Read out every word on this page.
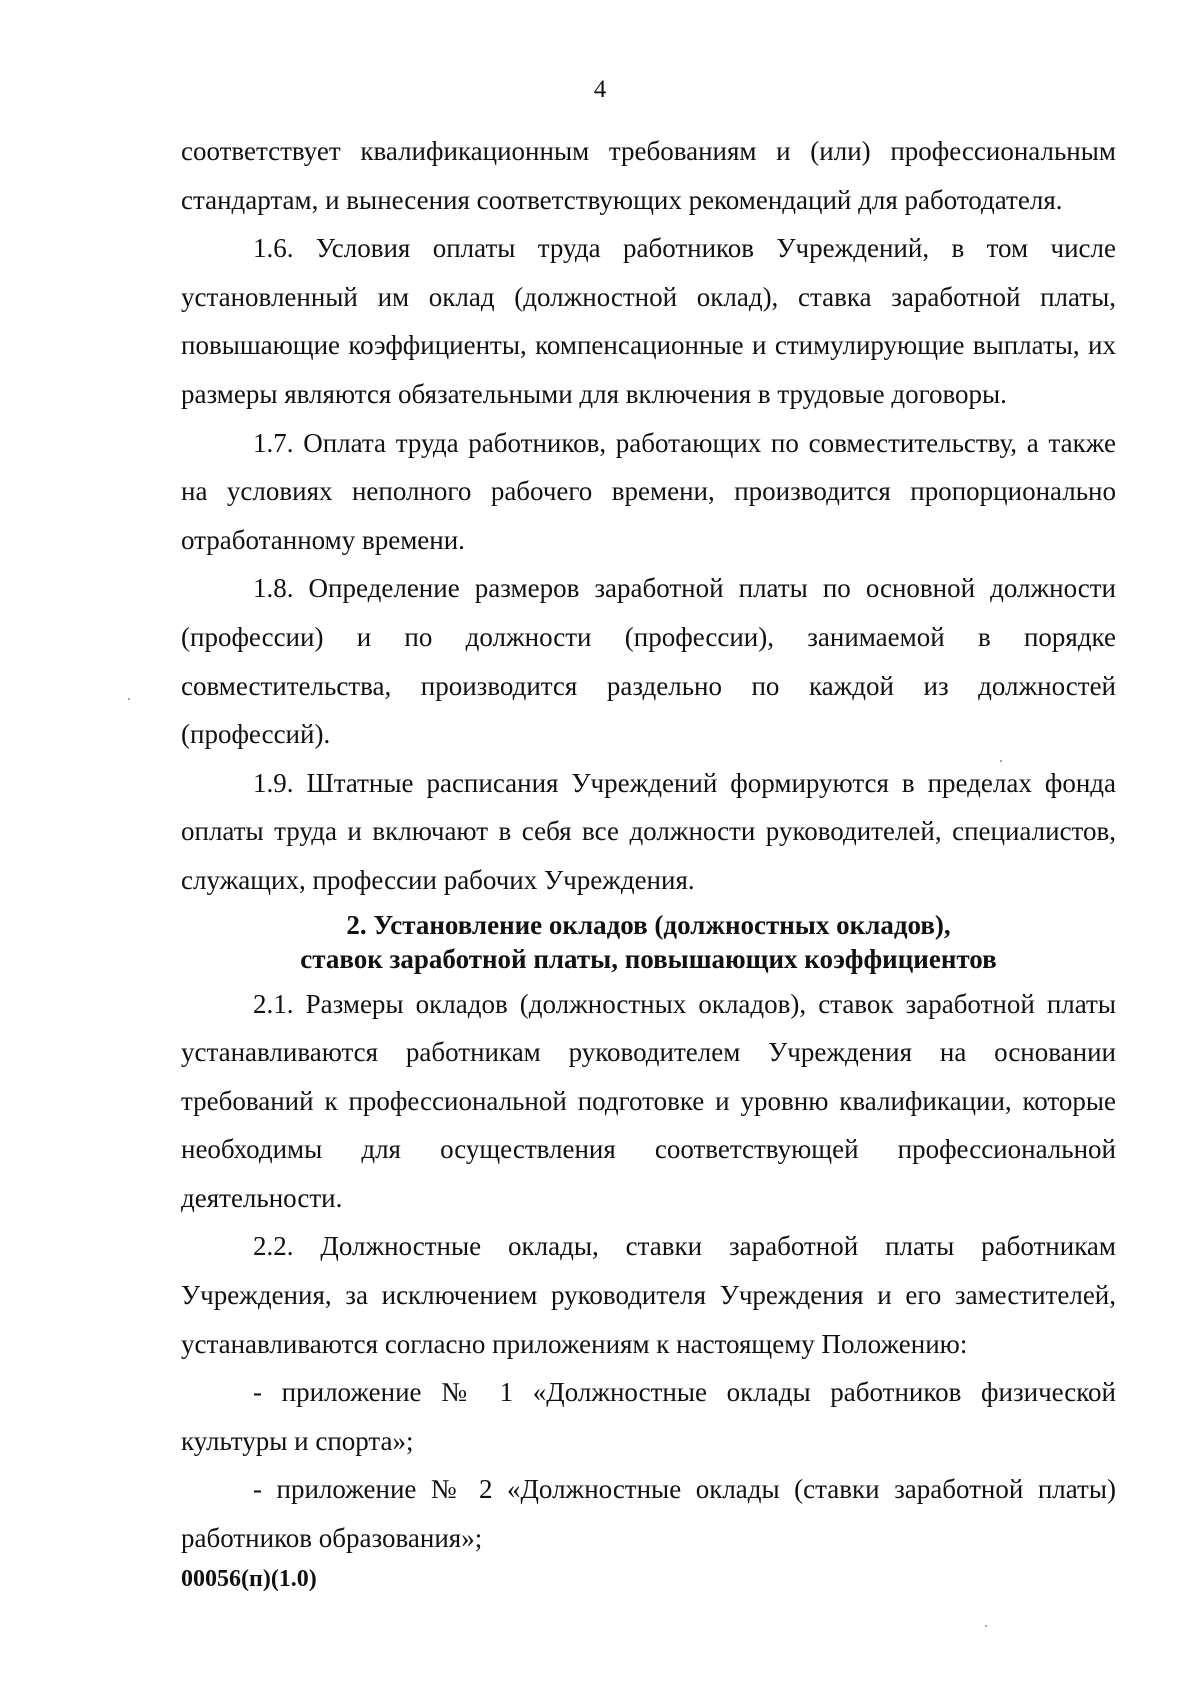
4

соответствует квалификационным требованиям и (или) профессиональным стандартам, и вынесения соответствующих рекомендаций для работодателя.

1.6. Условия оплаты труда работников Учреждений, в том числе установленный им оклад (должностной оклад), ставка заработной платы, повышающие коэффициенты, компенсационные и стимулирующие выплаты, их размеры являются обязательными для включения в трудовые договоры.

1.7. Оплата труда работников, работающих по совместительству, а также на условиях неполного рабочего времени, производится пропорционально отработанному времени.

1.8. Определение размеров заработной платы по основной должности (профессии) и по должности (профессии), занимаемой в порядке совместительства, производится раздельно по каждой из должностей (профессий).

1.9. Штатные расписания Учреждений формируются в пределах фонда оплаты труда и включают в себя все должности руководителей, специалистов, служащих, профессии рабочих Учреждения.

2. Установление окладов (должностных окладов),
ставок заработной платы, повышающих коэффициентов

2.1. Размеры окладов (должностных окладов), ставок заработной платы устанавливаются работникам руководителем Учреждения на основании требований к профессиональной подготовке и уровню квалификации, которые необходимы для осуществления соответствующей профессиональной деятельности.

2.2. Должностные оклады, ставки заработной платы работникам Учреждения, за исключением руководителя Учреждения и его заместителей, устанавливаются согласно приложениям к настоящему Положению:

- приложение № 1 «Должностные оклады работников физической культуры и спорта»;

- приложение № 2 «Должностные оклады (ставки заработной платы) работников образования»;

00056(п)(1.0)
